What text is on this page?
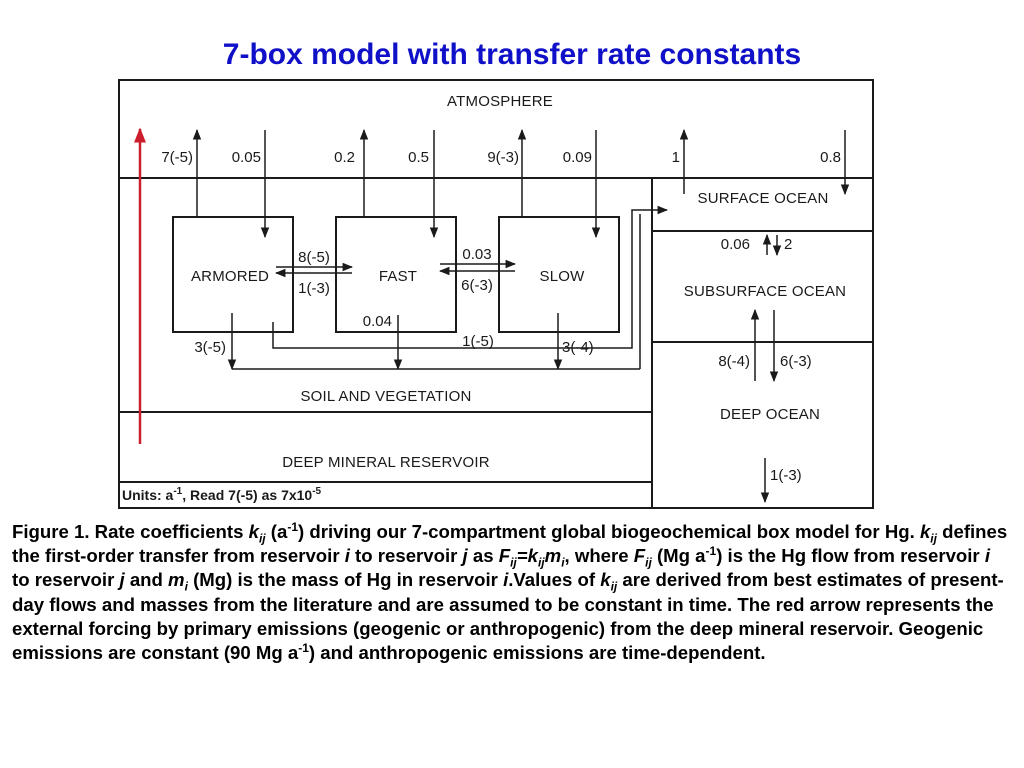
7-box model with transfer rate constants
ATMOSPHERE
SURFACE OCEAN
SUBSURFACE OCEAN
DEEP OCEAN
ARMORED	FAST	SLOW
SOIL AND VEGETATION
DEEP MINERAL RESERVOIR
7(-5)	0.05	0.2	0.5	9(-3)	0.09	1	0.8
8(-5)
1(-3)
0.03
6(-3)
0.06 2
3(-5)
0.04
1(-5)	3(-4)
8(-4) 6(-3)
1(-3)
Units: $a^{-1}$, Read 7(-5) as $7x10^{-5}$

Figure 1. Rate coefficients $k_{ij}$ $(a^{-1})$ driving our 7-compartment global biogeochemical box model for Hg. $k_{ij}$ defines the first-order transfer from reservoir i to reservoir j as $F_{ij}=k_{ij}m_i$, where $F_{ij}$ (Mg $a^{-1}$) is the Hg flow from reservoir i to reservoir j and $m_i$ (Mg) is the mass of Hg in reservoir i.Values of $k_{ij}$ are derived from best estimates of present-day flows and masses from the literature and are assumed to be constant in time. The red arrow represents the external forcing by primary emissions (geogenic or anthropogenic) from the deep mineral reservoir. Geogenic emissions are constant (90 Mg $a^{-1}$) and anthropogenic emissions are time-dependent.
